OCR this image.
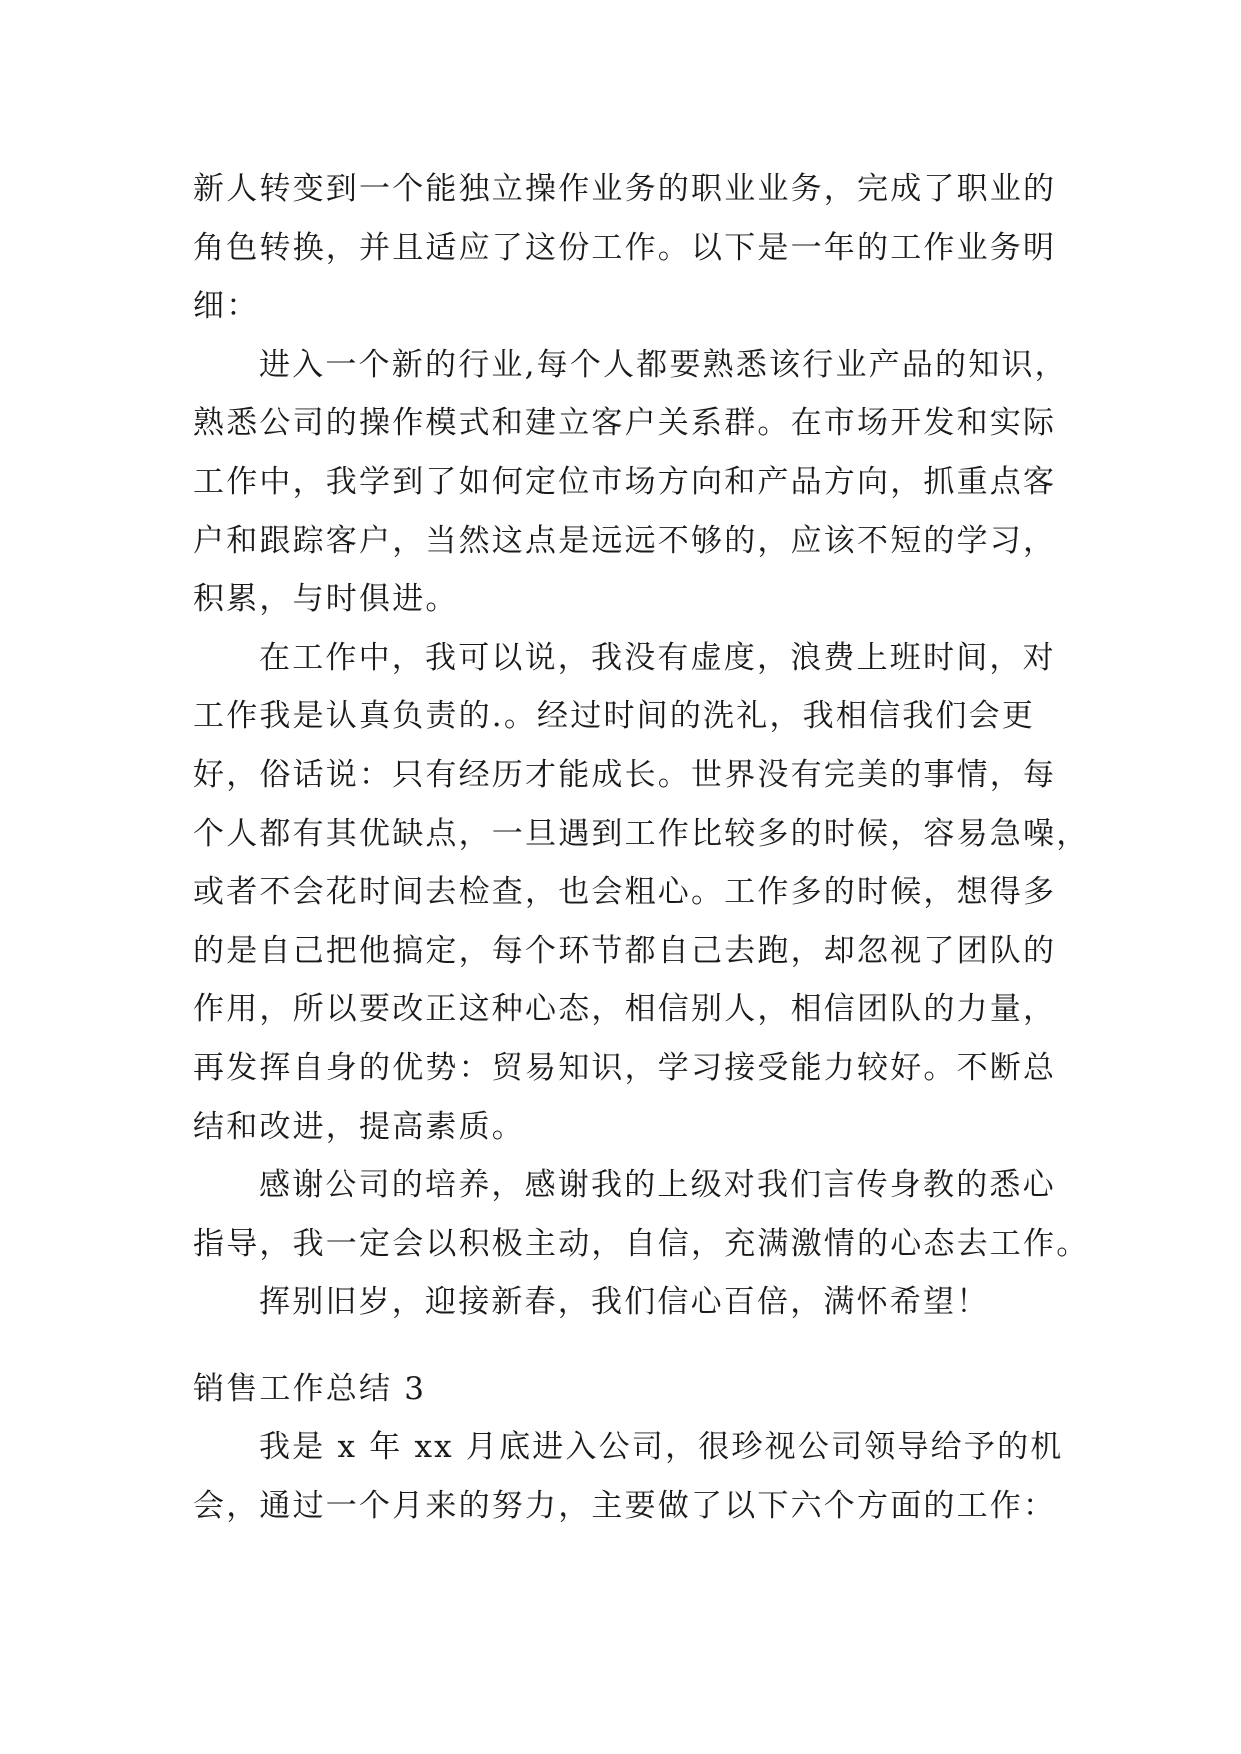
新人转变到一个能独立操作业务的职业业务，完成了职业的
角色转换，并且适应了这份工作。以下是一年的工作业务明
细：
进入一个新的行业,每个人都要熟悉该行业产品的知识，
熟悉公司的操作模式和建立客户关系群。在市场开发和实际
工作中，我学到了如何定位市场方向和产品方向，抓重点客
户和跟踪客户，当然这点是远远不够的，应该不短的学习，
积累，与时俱进。
在工作中，我可以说，我没有虚度，浪费上班时间，对
工作我是认真负责的.。经过时间的洗礼，我相信我们会更
好，俗话说：只有经历才能成长。世界没有完美的事情，每
个人都有其优缺点，一旦遇到工作比较多的时候，容易急噪，
或者不会花时间去检查，也会粗心。工作多的时候，想得多
的是自己把他搞定，每个环节都自己去跑，却忽视了团队的
作用，所以要改正这种心态，相信别人，相信团队的力量，
再发挥自身的优势：贸易知识，学习接受能力较好。不断总
结和改进，提高素质。
感谢公司的培养，感谢我的上级对我们言传身教的悉心
指导，我一定会以积极主动，自信，充满激情的心态去工作。
挥别旧岁，迎接新春，我们信心百倍，满怀希望！
销售工作总结 3
我是 x 年 xx 月底进入公司，很珍视公司领导给予的机
会，通过一个月来的努力，主要做了以下六个方面的工作：
